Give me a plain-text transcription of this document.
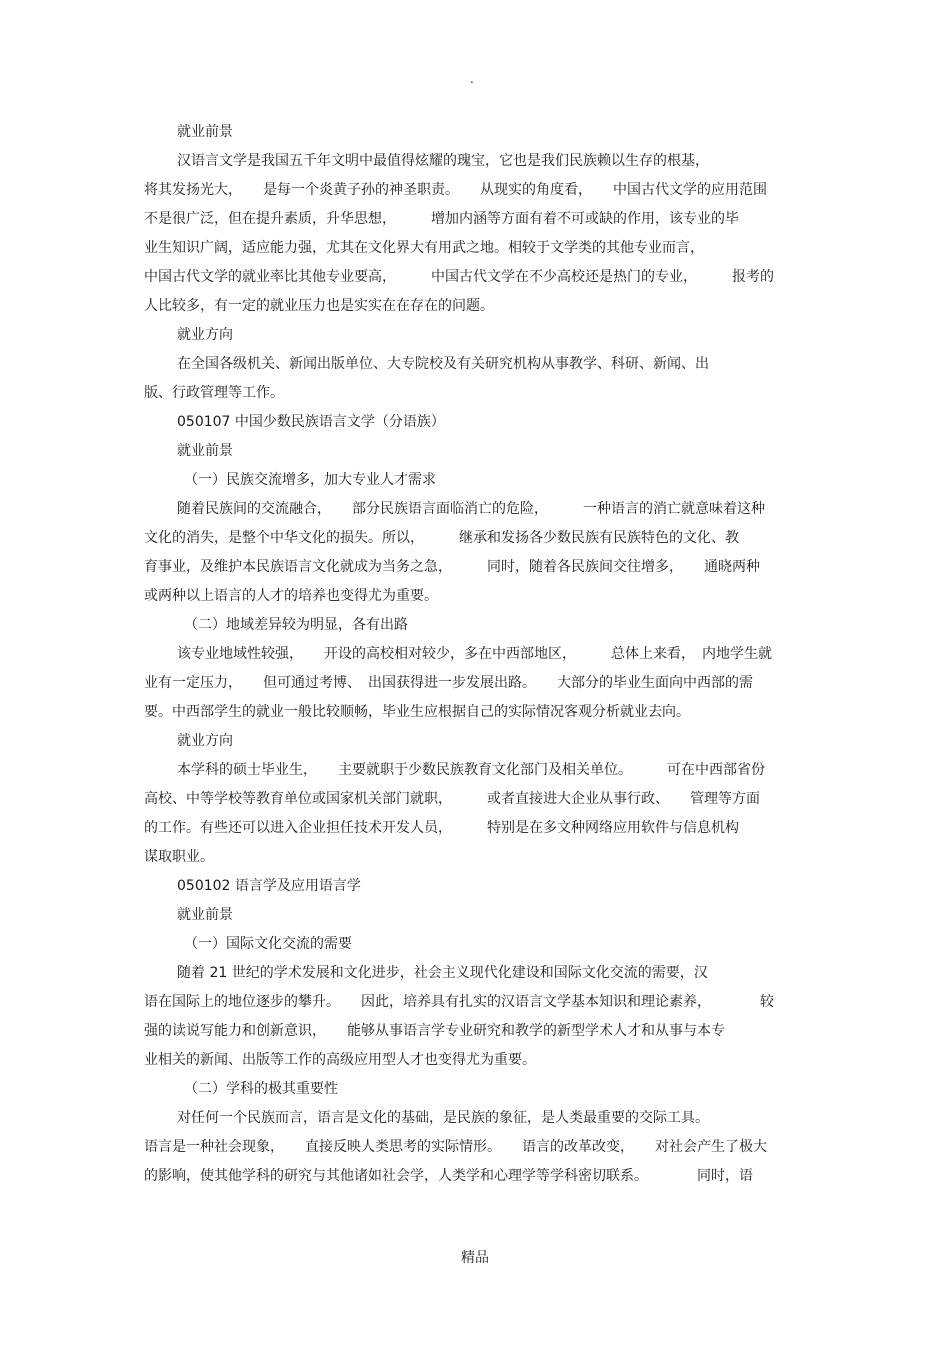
.
就业前景
汉语言文学是我国五千年文明中最值得炫耀的瑰宝，它也是我们民族赖以生存的根基，
将其发扬光大，　　是每一个炎黄子孙的神圣职责。　　从现实的角度看，　　中国古代文学的应用范围
不是很广泛，但在提升素质，升华思想，　　　增加内涵等方面有着不可或缺的作用，该专业的毕
业生知识广阔，适应能力强，尤其在文化界大有用武之地。相较于文学类的其他专业而言，
中国古代文学的就业率比其他专业要高，　　　中国古代文学在不少高校还是热门的专业，　　　报考的
人比较多，有一定的就业压力也是实实在在存在的问题。
就业方向
在全国各级机关、新闻出版单位、大专院校及有关研究机构从事教学、科研、新闻、出
版、行政管理等工作。
050107 中国少数民族语言文学（分语族）
就业前景
（一）民族交流增多，加大专业人才需求
随着民族间的交流融合，　　部分民族语言面临消亡的危险，　　　一种语言的消亡就意味着这种
文化的消失，是整个中华文化的损失。所以，　　　继承和发扬各少数民族有民族特色的文化、教
育事业，及维护本民族语言文化就成为当务之急，　　　同时，随着各民族间交往增多，　　通晓两种
或两种以上语言的人才的培养也变得尤为重要。
（二）地域差异较为明显，各有出路
该专业地域性较强，　　开设的高校相对较少，多在中西部地区，　　　总体上来看，　内地学生就
业有一定压力，　　但可通过考博、　出国获得进一步发展出路。　　大部分的毕业生面向中西部的需
要。中西部学生的就业一般比较顺畅，毕业生应根据自己的实际情况客观分析就业去向。
就业方向
本学科的硕士毕业生，　　主要就职于少数民族教育文化部门及相关单位。　　　可在中西部省份
高校、中等学校等教育单位或国家机关部门就职，　　　或者直接进大企业从事行政、　　管理等方面
的工作。有些还可以进入企业担任技术开发人员，　　　特别是在多文种网络应用软件与信息机构
谋取职业。
050102 语言学及应用语言学
就业前景
（一）国际文化交流的需要
随着 21 世纪的学术发展和文化进步，社会主义现代化建设和国际文化交流的需要，汉
语在国际上的地位逐步的攀升。　　因此，培养具有扎实的汉语言文学基本知识和理论素养，　　　　较
强的读说写能力和创新意识，　　能够从事语言学专业研究和教学的新型学术人才和从事与本专
业相关的新闻、出版等工作的高级应用型人才也变得尤为重要。
（二）学科的极其重要性
对任何一个民族而言，语言是文化的基础，是民族的象征，是人类最重要的交际工具。
语言是一种社会现象，　　直接反映人类思考的实际情形。　　语言的改革改变，　　对社会产生了极大
的影响，使其他学科的研究与其他诸如社会学，人类学和心理学等学科密切联系。　　　　同时，语
精品
